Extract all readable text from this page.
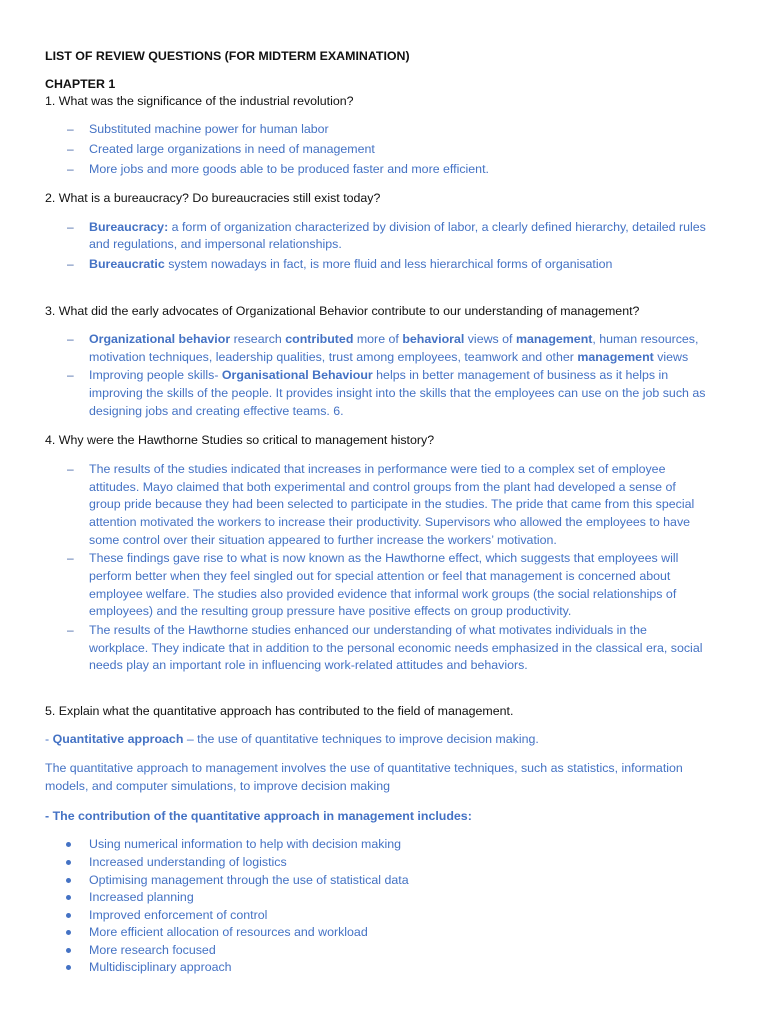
LIST OF REVIEW QUESTIONS (FOR MIDTERM EXAMINATION)
CHAPTER 1
1. What was the significance of the industrial revolution?
– Substituted machine power for human labor
– Created large organizations in need of management
– More jobs and more goods able to be produced faster and more efficient.
2. What is a bureaucracy? Do bureaucracies still exist today?
– Bureaucracy: a form of organization characterized by division of labor, a clearly defined hierarchy, detailed rules
and regulations, and impersonal relationships.
– Bureaucratic system nowadays in fact, is more fluid and less hierarchical forms of organisation
3. What did the early advocates of Organizational Behavior contribute to our understanding of management?
– Organizational behavior research contributed more of behavioral views of management, human resources,
motivation techniques, leadership qualities, trust among employees, teamwork and other management views
– Improving people skills- Organisational Behaviour helps in better management of business as it helps in
improving the skills of the people. It provides insight into the skills that the employees can use on the job such as
designing jobs and creating effective teams. 6.
4. Why were the Hawthorne Studies so critical to management history?
– The results of the studies indicated that increases in performance were tied to a complex set of employee
attitudes. Mayo claimed that both experimental and control groups from the plant had developed a sense of
group pride because they had been selected to participate in the studies. The pride that came from this special
attention motivated the workers to increase their productivity. Supervisors who allowed the employees to have
some control over their situation appeared to further increase the workers’ motivation.
– These findings gave rise to what is now known as the Hawthorne effect, which suggests that employees will
perform better when they feel singled out for special attention or feel that management is concerned about
employee welfare. The studies also provided evidence that informal work groups (the social relationships of
employees) and the resulting group pressure have positive effects on group productivity.
– The results of the Hawthorne studies enhanced our understanding of what motivates individuals in the
workplace. They indicate that in addition to the personal economic needs emphasized in the classical era, social
needs play an important role in influencing work-related attitudes and behaviors.
5. Explain what the quantitative approach has contributed to the field of management.
- Quantitative approach – the use of quantitative techniques to improve decision making.
The quantitative approach to management involves the use of quantitative techniques, such as statistics, information
models, and computer simulations, to improve decision making
- The contribution of the quantitative approach in management includes:
Using numerical information to help with decision making
Increased understanding of logistics
Optimising management through the use of statistical data
Increased planning
Improved enforcement of control
More efficient allocation of resources and workload
More research focused
Multidisciplinary approach
